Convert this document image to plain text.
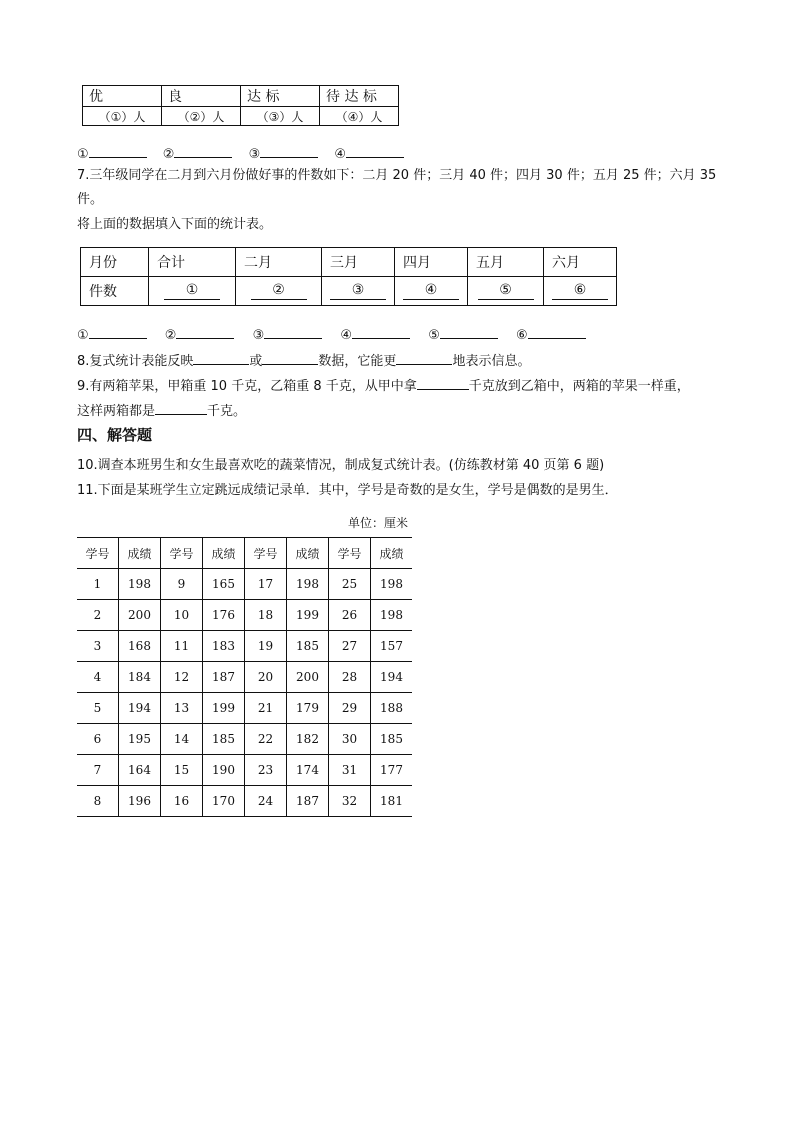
优	良	达 标	待 达 标
（①）人	（②）人	（③）人	（④）人
①	②	③	④
7.三年级同学在二月到六月份做好事的件数如下：二月 20 件；三月 40 件；四月 30 件；五月 25 件；六月 35
件。
将上面的数据填入下面的统计表。
月份	合计	二月	三月	四月	五月	六月
件数	①	②	③	④	⑤	⑥
①	②	③	④	⑤	⑥
8.复式统计表能反映	或	数据，它能更	地表示信息。
9.有两箱苹果，甲箱重 10 千克，乙箱重 8 千克，从甲中拿	千克放到乙箱中，两箱的苹果一样重，
这样两箱都是	千克。
四、解答题
10.调查本班男生和女生最喜欢吃的蔬菜情况，制成复式统计表。(仿练教材第 40 页第 6 题)
11.下面是某班学生立定跳远成绩记录单．其中，学号是奇数的是女生，学号是偶数的是男生．
单位：厘米
学号	成绩	学号	成绩	学号	成绩	学号	成绩
1	198	9	165	17	198	25	198
2	200	10	176	18	199	26	198
3	168	11	183	19	185	27	157
4	184	12	187	20	200	28	194
5	194	13	199	21	179	29	188
6	195	14	185	22	182	30	185
7	164	15	190	23	174	31	177
8	196	16	170	24	187	32	181
